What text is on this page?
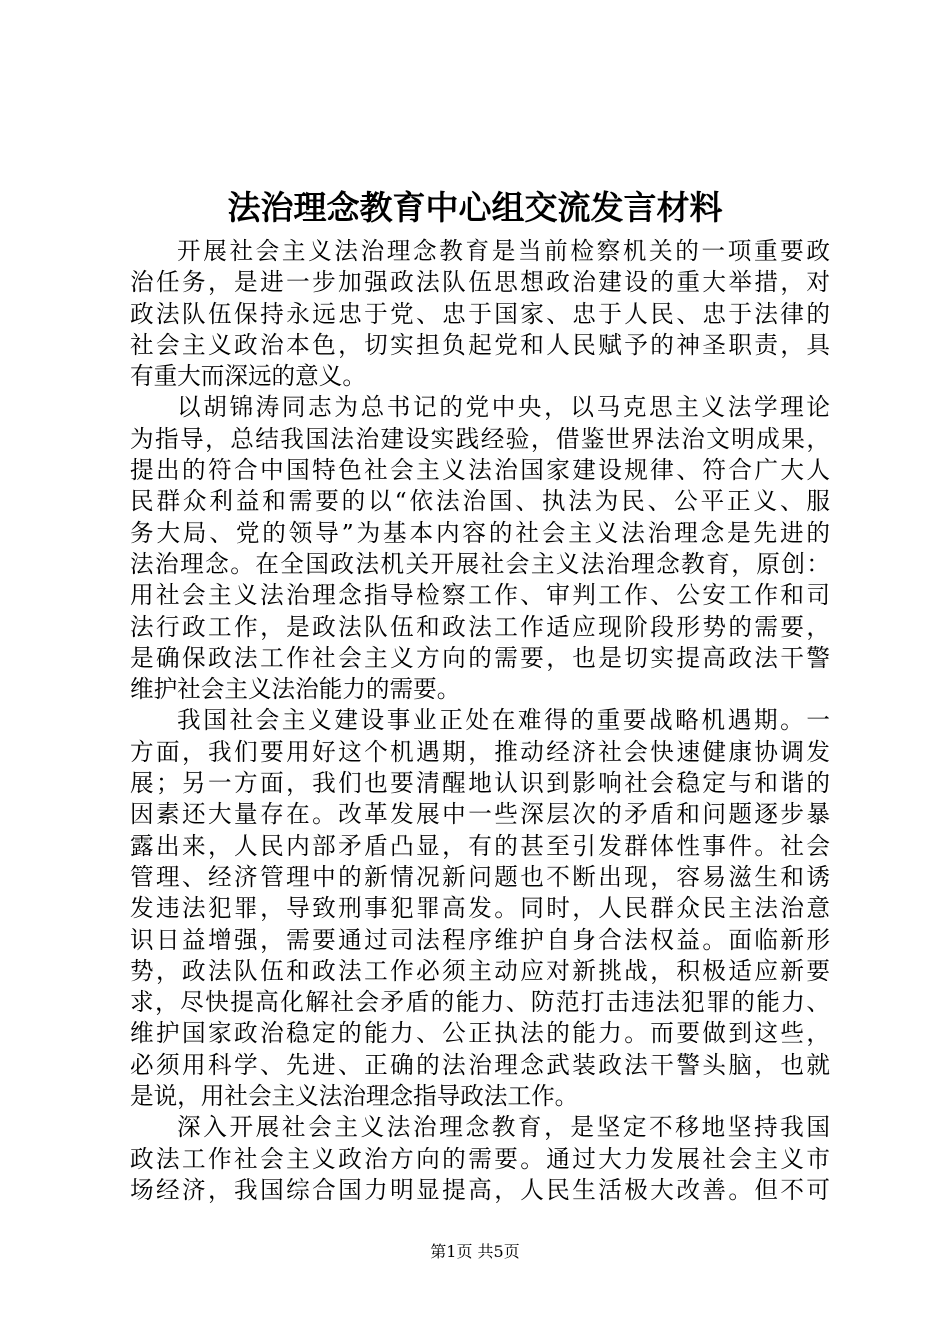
法治理念教育中心组交流发言材料
开展社会主义法治理念教育是当前检察机关的一项重要政
治任务，是进一步加强政法队伍思想政治建设的重大举措，对
政法队伍保持永远忠于党、忠于国家、忠于人民、忠于法律的
社会主义政治本色，切实担负起党和人民赋予的神圣职责，具
有重大而深远的意义。
以胡锦涛同志为总书记的党中央，以马克思主义法学理论
为指导，总结我国法治建设实践经验，借鉴世界法治文明成果，
提出的符合中国特色社会主义法治国家建设规律、符合广大人
民群众利益和需要的以“依法治国、执法为民、公平正义、服
务大局、党的领导”为基本内容的社会主义法治理念是先进的
法治理念。在全国政法机关开展社会主义法治理念教育，原创：
用社会主义法治理念指导检察工作、审判工作、公安工作和司
法行政工作，是政法队伍和政法工作适应现阶段形势的需要，
是确保政法工作社会主义方向的需要，也是切实提高政法干警
维护社会主义法治能力的需要。
我国社会主义建设事业正处在难得的重要战略机遇期。一
方面，我们要用好这个机遇期，推动经济社会快速健康协调发
展；另一方面，我们也要清醒地认识到影响社会稳定与和谐的
因素还大量存在。改革发展中一些深层次的矛盾和问题逐步暴
露出来，人民内部矛盾凸显，有的甚至引发群体性事件。社会
管理、经济管理中的新情况新问题也不断出现，容易滋生和诱
发违法犯罪，导致刑事犯罪高发。同时，人民群众民主法治意
识日益增强，需要通过司法程序维护自身合法权益。面临新形
势，政法队伍和政法工作必须主动应对新挑战，积极适应新要
求，尽快提高化解社会矛盾的能力、防范打击违法犯罪的能力、
维护国家政治稳定的能力、公正执法的能力。而要做到这些，
必须用科学、先进、正确的法治理念武装政法干警头脑，也就
是说，用社会主义法治理念指导政法工作。
深入开展社会主义法治理念教育，是坚定不移地坚持我国
政法工作社会主义政治方向的需要。通过大力发展社会主义市
场经济，我国综合国力明显提高，人民生活极大改善。但不可
第1页 共5页
